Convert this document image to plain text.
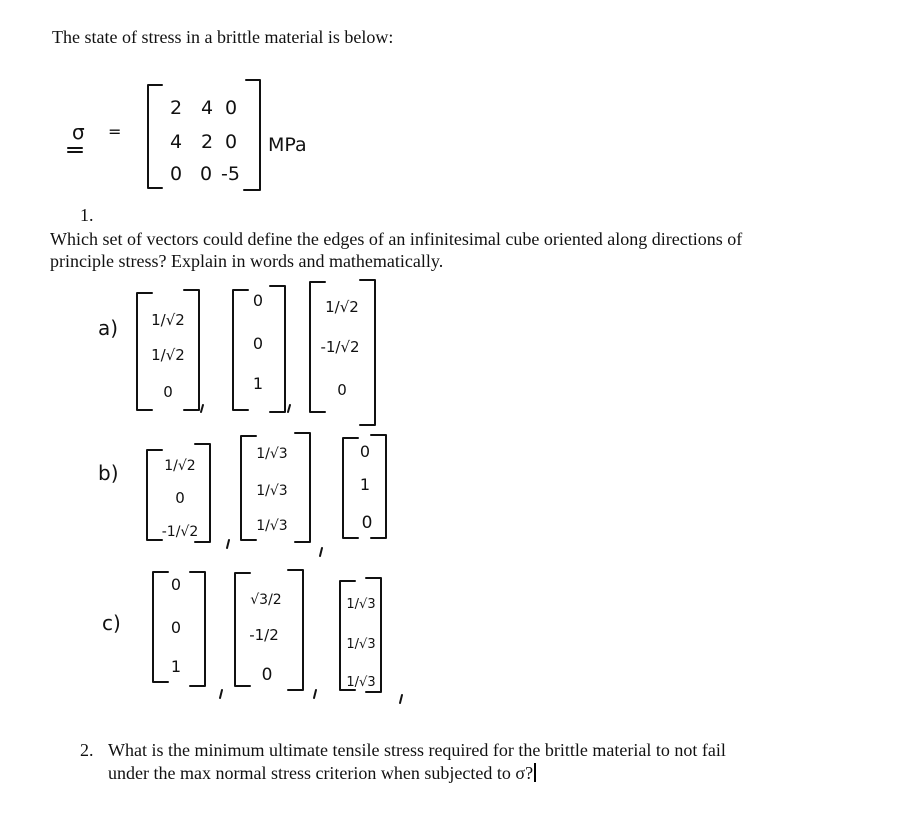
The state of stress in a brittle material is below:
σ =
2 4 0
4 2 0
0 0 -5
MPa
a) 1/√2
1/√2
0
0
0
1
1/√2
-1/√2
0
b)	1/√2
0
-1/√2
1/√3
1/√3
1/√3
0
1
0
c)
0
0
1
√3/2
-1/2
0
1/√3
1/√3
1/√3
1.
Which set of vectors could define the edges of an infinitesimal cube oriented along directions of
principle stress? Explain in words and mathematically.
2. What is the minimum ultimate tensile stress required for the brittle material to not fail
under the max normal stress criterion when subjected to σ?
